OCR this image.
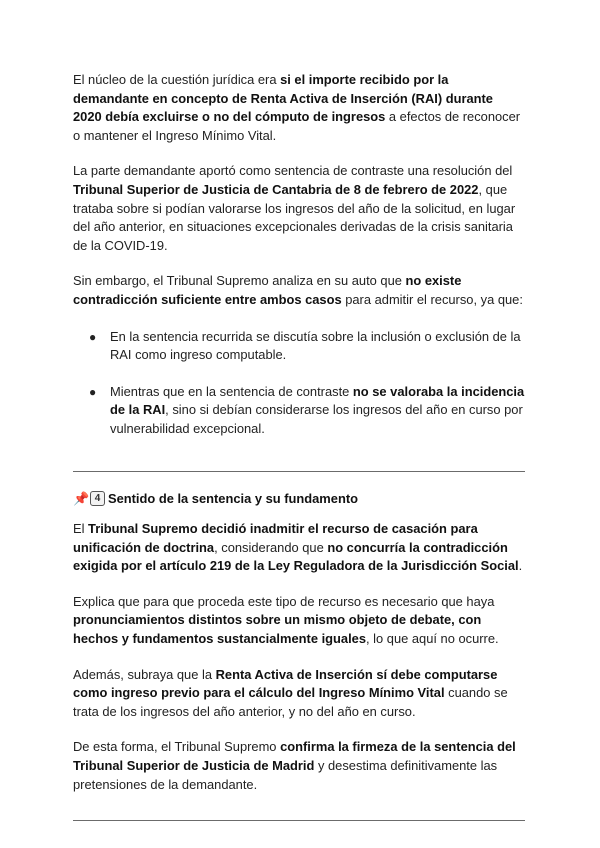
El núcleo de la cuestión jurídica era si el importe recibido por la demandante en concepto de Renta Activa de Inserción (RAI) durante 2020 debía excluirse o no del cómputo de ingresos a efectos de reconocer o mantener el Ingreso Mínimo Vital.

La parte demandante aportó como sentencia de contraste una resolución del Tribunal Superior de Justicia de Cantabria de 8 de febrero de 2022, que trataba sobre si podían valorarse los ingresos del año de la solicitud, en lugar del año anterior, en situaciones excepcionales derivadas de la crisis sanitaria de la COVID-19.

Sin embargo, el Tribunal Supremo analiza en su auto que no existe contradicción suficiente entre ambos casos para admitir el recurso, ya que:

● En la sentencia recurrida se discutía sobre la inclusión o exclusión de la RAI como ingreso computable.
● Mientras que en la sentencia de contraste no se valoraba la incidencia de la RAI, sino si debían considerarse los ingresos del año en curso por vulnerabilidad excepcional.
📌 4 Sentido de la sentencia y su fundamento

El Tribunal Supremo decidió inadmitir el recurso de casación para unificación de doctrina, considerando que no concurría la contradicción exigida por el artículo 219 de la Ley Reguladora de la Jurisdicción Social.

Explica que para que proceda este tipo de recurso es necesario que haya pronunciamientos distintos sobre un mismo objeto de debate, con hechos y fundamentos sustancialmente iguales, lo que aquí no ocurre.

Además, subraya que la Renta Activa de Inserción sí debe computarse como ingreso previo para el cálculo del Ingreso Mínimo Vital cuando se trata de los ingresos del año anterior, y no del año en curso.

De esta forma, el Tribunal Supremo confirma la firmeza de la sentencia del Tribunal Superior de Justicia de Madrid y desestima definitivamente las pretensiones de la demandante.
